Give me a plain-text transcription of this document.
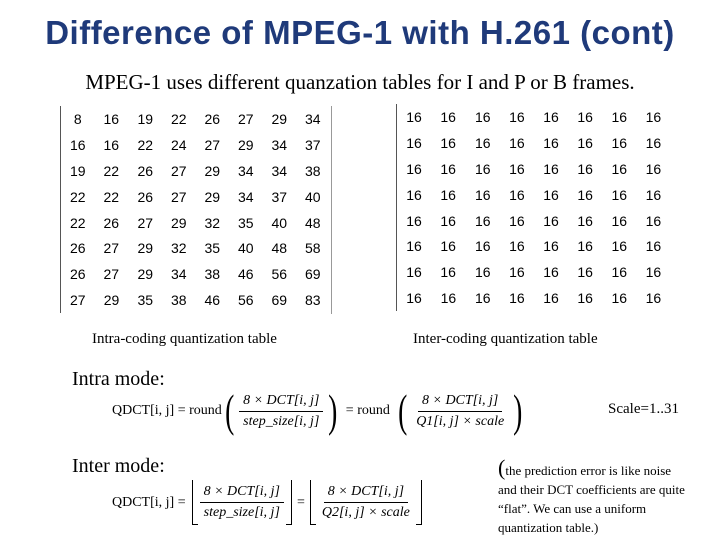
Difference of MPEG-1 with H.261 (cont)
MPEG-1 uses different quanzation tables for I and P or B frames.
8	16	19	22	26	27	29	34
16	16	22	24	27	29	34	37
19	22	26	27	29	34	34	38
22	22	26	27	29	34	37	40
22	26	27	29	32	35	40	48
26	27	29	32	35	40	48	58
26	27	29	34	38	46	56	69
27	29	35	38	46	56	69	83
16	16	16	16	16	16	16	16
16	16	16	16	16	16	16	16
16	16	16	16	16	16	16	16
16	16	16	16	16	16	16	16
16	16	16	16	16	16	16	16
16	16	16	16	16	16	16	16
16	16	16	16	16	16	16	16
16	16	16	16	16	16	16	16
Intra-coding quantization table	Inter-coding quantization table
Intra mode:
QDCT[i, j] = round ( $\frac{\text{8 × DCT[i, j]}}{\text{step\_size[i, j]}}$ ) = round ( $\frac{\text{8 × DCT[i, j]}}{\text{Q1[i, j] × scale}}$ )	Scale=1..31
Inter mode:
QDCT[i, $j] = \frac{\text{8 × DCT[i, j]}}{\text{step\_size[i, j]}} = \frac{\text{8 × DCT[i, j]}}{\text{Q2[i, j] × scale}}$
(the prediction error is like noise
and their DCT coefficients are quite “flat”. We can use a uniform quantization table.)
